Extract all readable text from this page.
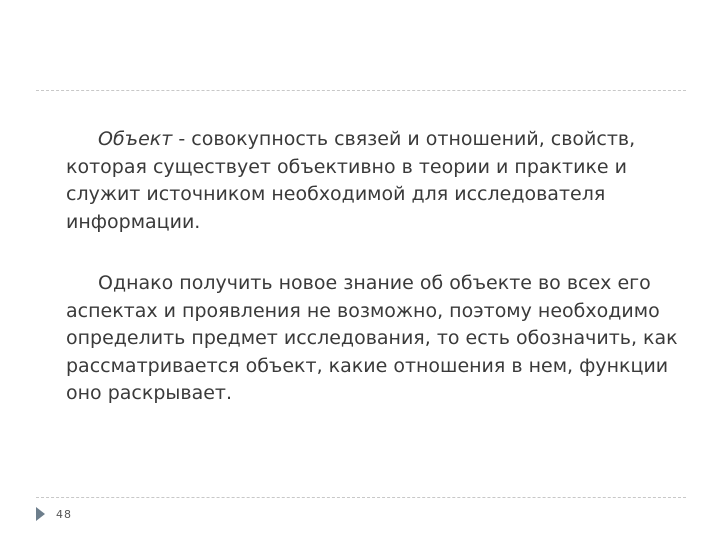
Объект - совокупность связей и отношений, свойств, которая существует объективно в теории и практике и служит источником необходимой для исследователя информации.

Однако получить новое знание об объекте во всех его аспектах и проявления не возможно, поэтому необходимо определить предмет исследования, то есть обозначить, как рассматривается объект, какие отношения в нем, функции оно раскрывает.

48
